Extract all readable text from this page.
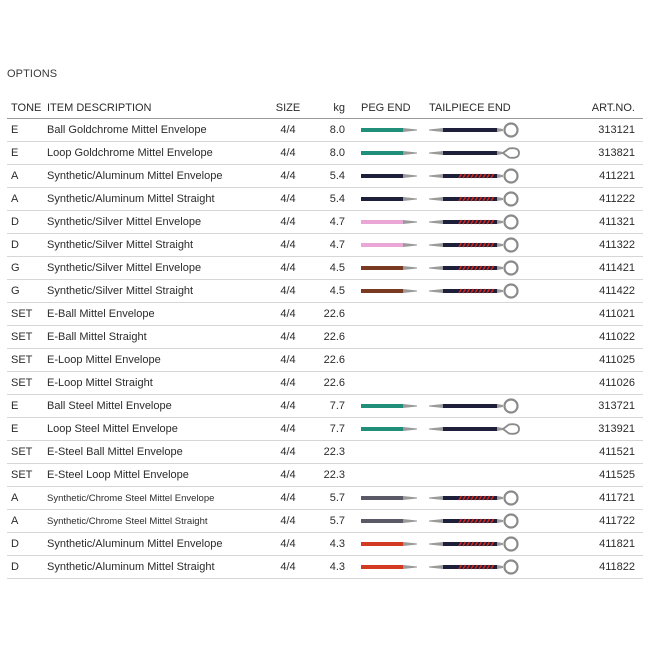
OPTIONS
TONE	ITEM DESCRIPTION	SIZE	kg	PEG END	TAILPIECE END	ART.NO.
E	Ball Goldchrome Mittel Envelope	4/4	8.0			313121
E	Loop Goldchrome Mittel Envelope	4/4	8.0			313821
A	Synthetic/Aluminum Mittel Envelope	4/4	5.4			411221
A	Synthetic/Aluminum Mittel Straight	4/4	5.4			411222
D	Synthetic/Silver Mittel Envelope	4/4	4.7			411321
D	Synthetic/Silver Mittel Straight	4/4	4.7			411322
G	Synthetic/Silver Mittel Envelope	4/4	4.5			411421
G	Synthetic/Silver Mittel Straight	4/4	4.5			411422
SET	E-Ball Mittel Envelope	4/4	22.6			411021
SET	E-Ball Mittel Straight	4/4	22.6			411022
SET	E-Loop Mittel Envelope	4/4	22.6			411025
SET	E-Loop Mittel Straight	4/4	22.6			411026
E	Ball Steel Mittel Envelope	4/4	7.7			313721
E	Loop Steel Mittel Envelope	4/4	7.7			313921
SET	E-Steel Ball Mittel Envelope	4/4	22.3			411521
SET	E-Steel Loop Mittel Envelope	4/4	22.3			411525
A	Synthetic/Chrome Steel Mittel Envelope	4/4	5.7			411721
A	Synthetic/Chrome Steel Mittel Straight	4/4	5.7			411722
D	Synthetic/Aluminum Mittel Envelope	4/4	4.3			411821
D	Synthetic/Aluminum Mittel Straight	4/4	4.3			411822
